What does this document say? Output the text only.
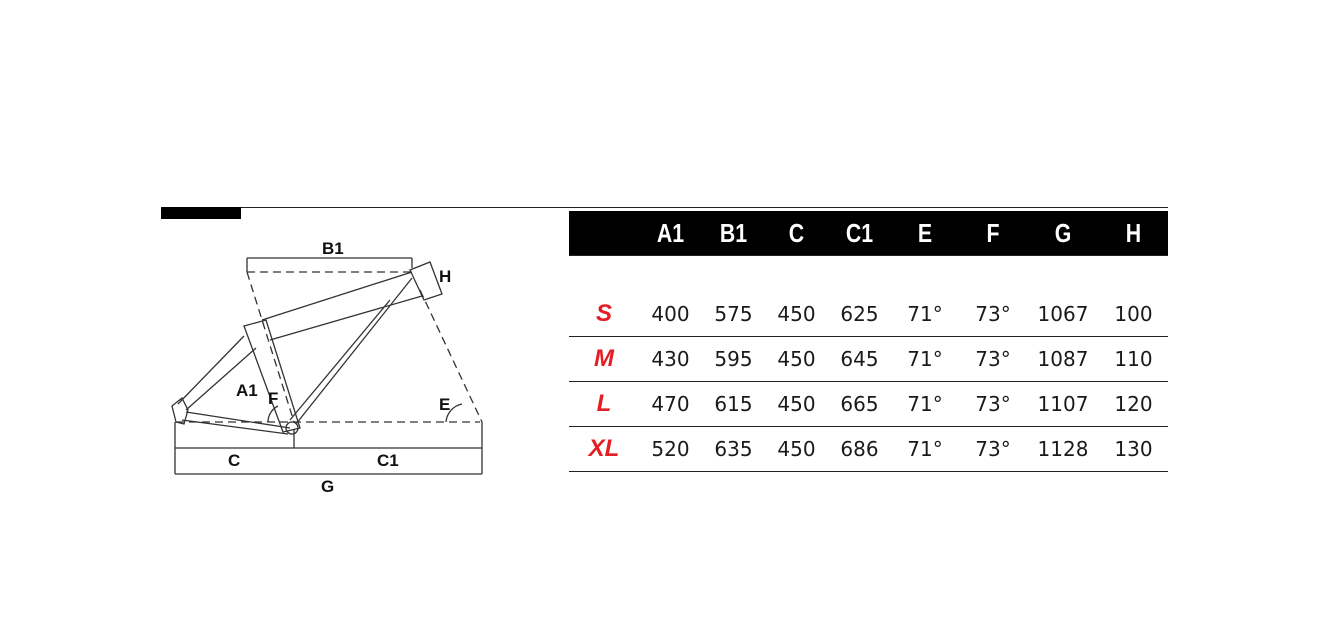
B1
H
A1 F	E
C	C1
G
	A1	B1	C	C1	E	F	G	H

S	400	575	450	625	71°	73°	1067	100
M	430	595	450	645	71°	73°	1087	110
L	470	615	450	665	71°	73°	1107	120
XL	520	635	450	686	71°	73°	1128	130
